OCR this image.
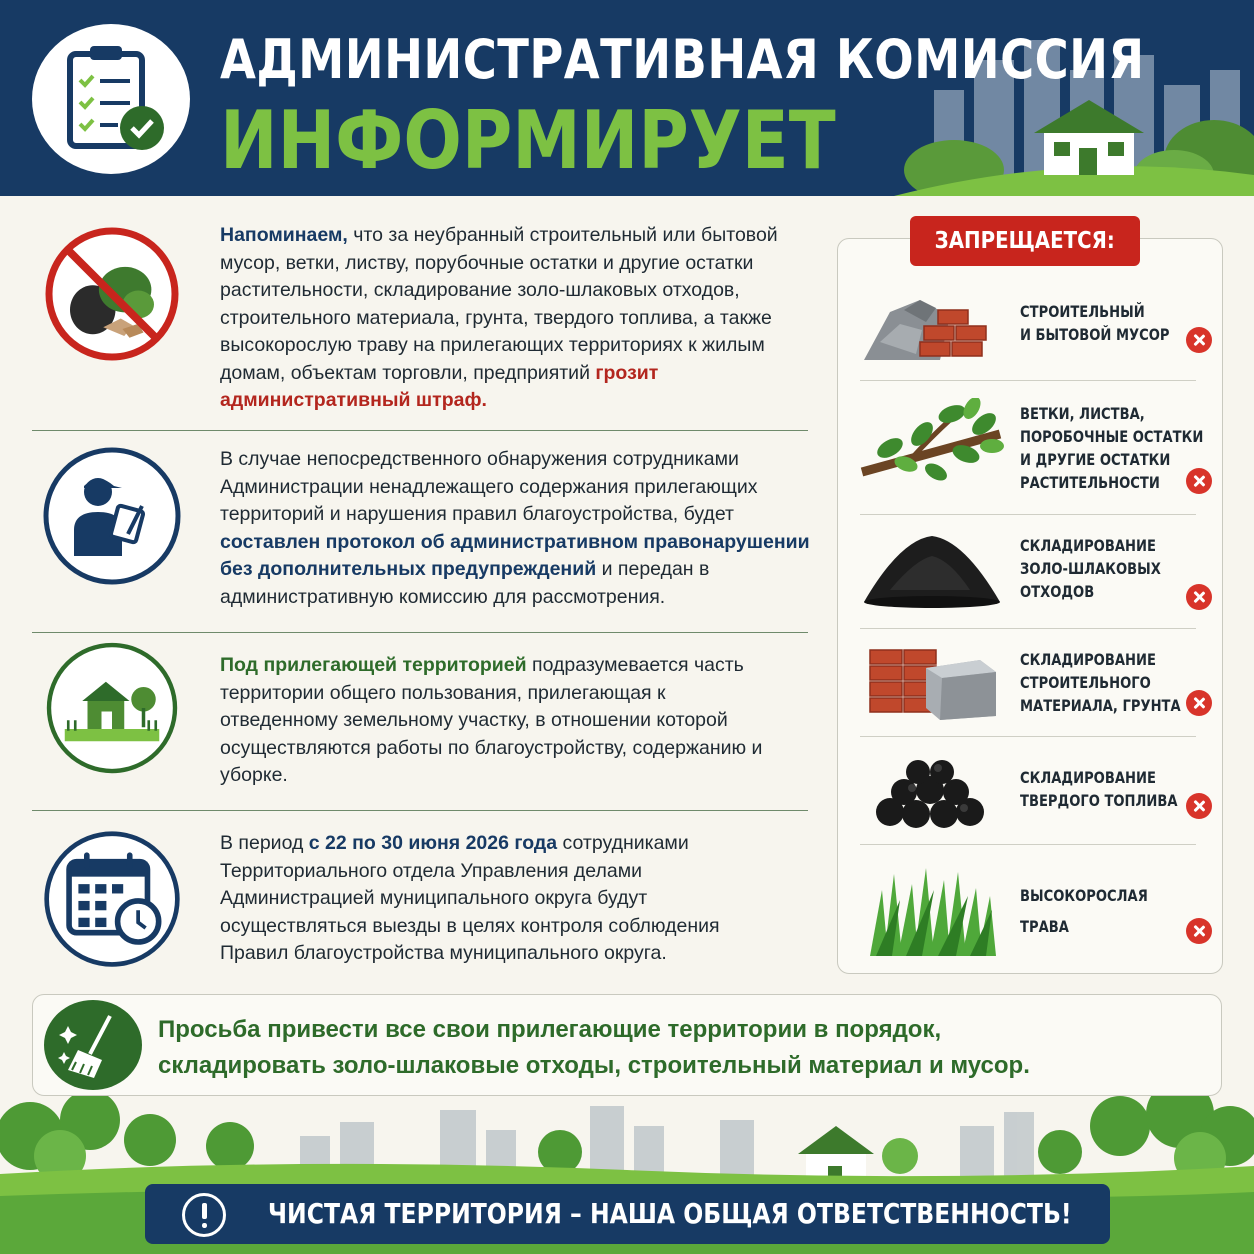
АДМИНИСТРАТИВНАЯ КОМИССИЯ
ИНФОРМИРУЕТ
Напоминаем, что за неубранный строительный или бытовой мусор, ветки, листву, порубочные остатки и другие остатки растительности, складирование золо-шлаковых отходов, строительного материала, грунта, твердого топлива, а также высокорослую траву на прилегающих территориях к жилым домам, объектам торговли, предприятий грозит административный штраф.
В случае непосредственного обнаружения сотрудниками Администрации ненадлежащего содержания прилегающих территорий и нарушения правил благоустройства, будет составлен протокол об административном правонарушении без дополнительных предупреждений и передан в административную комиссию для рассмотрения.
Под прилегающей территорией подразумевается часть территории общего пользования, прилегающая к отведенному земельному участку, в отношении которой осуществляются работы по благоустройству, содержанию и уборке.
В период с 22 по 30 июня 2026 года сотрудниками Территориального отдела Управления делами Администрацией муниципального округа будут осуществляться выезды в целях контроля соблюдения Правил благоустройства муниципального округа.
ЗАПРЕЩАЕТСЯ:
СТРОИТЕЛЬНЫЙ
И БЫТОВОЙ МУСОР
ВЕТКИ, ЛИСТВА,
ПОРОБОЧНЫЕ ОСТАТКИ
И ДРУГИЕ ОСТАТКИ
РАСТИТЕЛЬНОСТИ
СКЛАДИРОВАНИЕ
ЗОЛО-ШЛАКОВЫХ
ОТХОДОВ
СКЛАДИРОВАНИЕ
СТРОИТЕЛЬНОГО
МАТЕРИАЛА, ГРУНТА
СКЛАДИРОВАНИЕ
ТВЕРДОГО ТОПЛИВА
ВЫСОКОРОСЛАЯ
ТРАВА
Просьба привести все свои прилегающие территории в порядок,
складировать золо-шлаковые отходы, строительный материал и мусор.
ЧИСТАЯ ТЕРРИТОРИЯ – НАША ОБЩАЯ ОТВЕТСТВЕННОСТЬ!
